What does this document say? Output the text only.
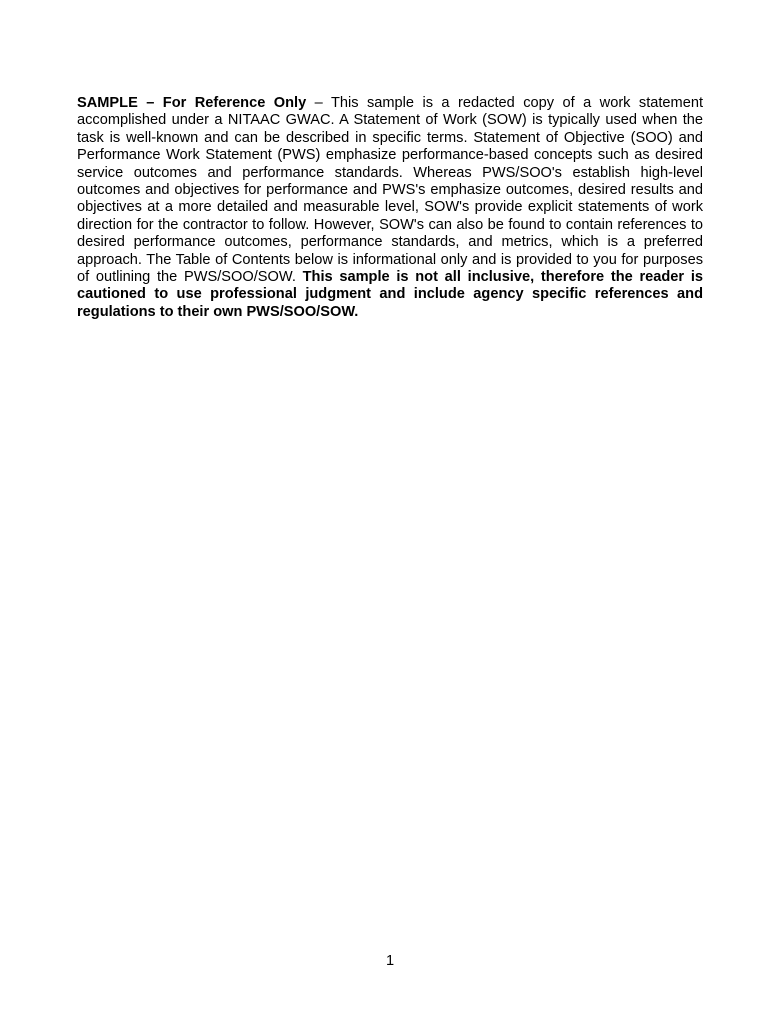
SAMPLE – For Reference Only – This sample is a redacted copy of a work statement accomplished under a NITAAC GWAC. A Statement of Work (SOW) is typically used when the task is well-known and can be described in specific terms. Statement of Objective (SOO) and Performance Work Statement (PWS) emphasize performance-based concepts such as desired service outcomes and performance standards. Whereas PWS/SOO's establish high-level outcomes and objectives for performance and PWS's emphasize outcomes, desired results and objectives at a more detailed and measurable level, SOW's provide explicit statements of work direction for the contractor to follow. However, SOW's can also be found to contain references to desired performance outcomes, performance standards, and metrics, which is a preferred approach. The Table of Contents below is informational only and is provided to you for purposes of outlining the PWS/SOO/SOW. This sample is not all inclusive, therefore the reader is cautioned to use professional judgment and include agency specific references and regulations to their own PWS/SOO/SOW.

1
